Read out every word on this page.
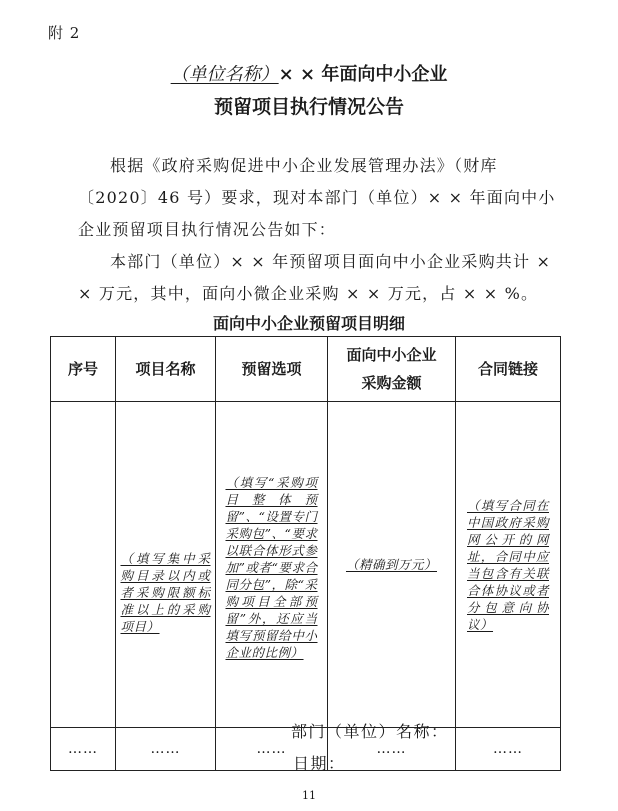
附 2
（单位名称）× × 年面向中小企业
预留项目执行情况公告
根据《政府采购促进中小企业发展管理办法》（财库〔2020〕46 号）要求，现对本部门（单位）× × 年面向中小企业预留项目执行情况公告如下：
本部门（单位）× × 年预留项目面向中小企业采购共计 × × 万元，其中，面向小微企业采购 × × 万元，占 × × %。
面向中小企业预留项目明细
序号	项目名称	预留选项	面向中小企业采购金额	合同链接
	（填写集中采购目录以内或者采购限额标准以上的采购项目）	（填写“采购项目整体预留”、“设置专门采购包”、“要求以联合体形式参加”或者“要求合同分包”，除“采购项目全部预留”外，还应当填写预留给中小企业的比例）	（精确到万元）	（填写合同在中国政府采购网公开的网址，合同中应当包含有关联合体协议或者分包意向协议）
……	……	……	……	……
部门（单位）名称：
日期：
11
